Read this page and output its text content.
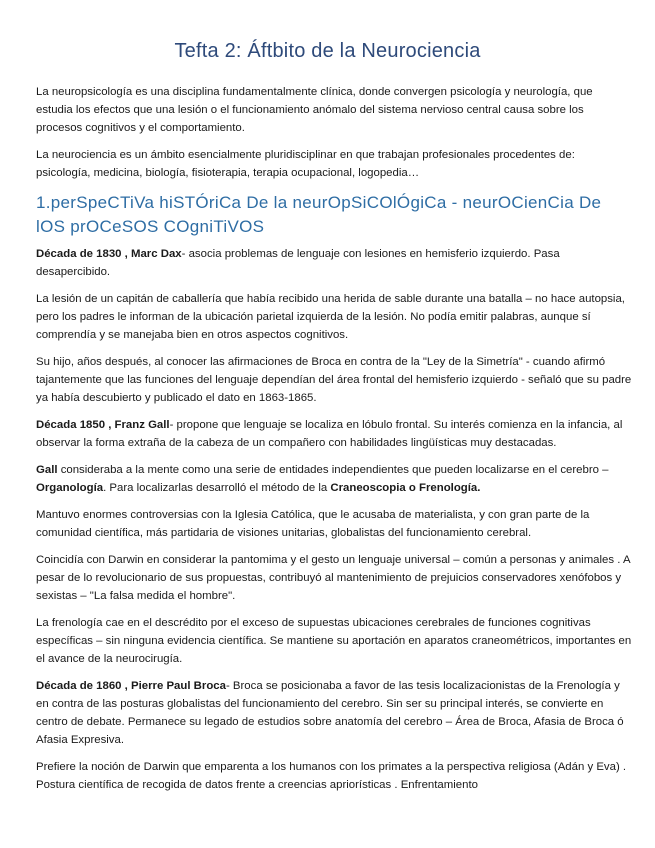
Tefta 2: Áftbito de la Neurociencia

La neuropsicología es una disciplina fundamentalmente clínica, donde convergen psicología y neurología, que estudia los efectos que una lesión o el funcionamiento anómalo del sistema nervioso central causa sobre los procesos cognitivos y el comportamiento.

La neurociencia es un ámbito esencialmente pluridisciplinar en que trabajan profesionales procedentes de: psicología, medicina, biología, fisioterapia, terapia ocupacional, logopedia…

1.perSpeCTiVa hiSTÓriCa De la neurOpSiCOlÓgiCa - neurOCienCia De lOS prOCeSOS COgniTiVOS

Década de 1830 , Marc Dax- asocia problemas de lenguaje con lesiones en hemisferio izquierdo. Pasa desapercibido.

La lesión de un capitán de caballería que había recibido una herida de sable durante una batalla – no hace autopsia, pero los padres le informan de la ubicación parietal izquierda de la lesión. No podía emitir palabras, aunque sí comprendía y se manejaba bien en otros aspectos cognitivos.

Su hijo, años después, al conocer las afirmaciones de Broca en contra de la "Ley de la Simetría" - cuando afirmó tajantemente que las funciones del lenguaje dependían del área frontal del hemisferio izquierdo - señaló que su padre ya había descubierto y publicado el dato en 1863-1865.

Década 1850 , Franz Gall- propone que lenguaje se localiza en lóbulo frontal. Su interés comienza en la infancia, al observar la forma extraña de la cabeza de un compañero con habilidades lingüísticas muy destacadas.

Gall consideraba a la mente como una serie de entidades independientes que pueden localizarse en el cerebro – Organología. Para localizarlas desarrolló el método de la Craneoscopia o Frenología.

Mantuvo enormes controversias con la Iglesia Católica, que le acusaba de materialista, y con gran parte de la comunidad científica, más partidaria de visiones unitarias, globalistas del funcionamiento cerebral.

Coincidía con Darwin en considerar la pantomima y el gesto un lenguaje universal – común a personas y animales . A pesar de lo revolucionario de sus propuestas, contribuyó al mantenimiento de prejuicios conservadores xenófobos y sexistas – "La falsa medida el hombre".

La frenología cae en el descrédito por el exceso de supuestas ubicaciones cerebrales de funciones cognitivas específicas – sin ninguna evidencia científica. Se mantiene su aportación en aparatos craneométricos, importantes en el avance de la neurocirugía.

Década de 1860 , Pierre Paul Broca- Broca se posicionaba a favor de las tesis localizacionistas de la Frenología y en contra de las posturas globalistas del funcionamiento del cerebro. Sin ser su principal interés, se convierte en centro de debate. Permanece su legado de estudios sobre anatomía del cerebro – Área de Broca, Afasia de Broca ó Afasia Expresiva.

Prefiere la noción de Darwin que emparenta a los humanos con los primates a la perspectiva religiosa (Adán y Eva) . Postura científica de recogida de datos frente a creencias apriorísticas . Enfrentamiento
